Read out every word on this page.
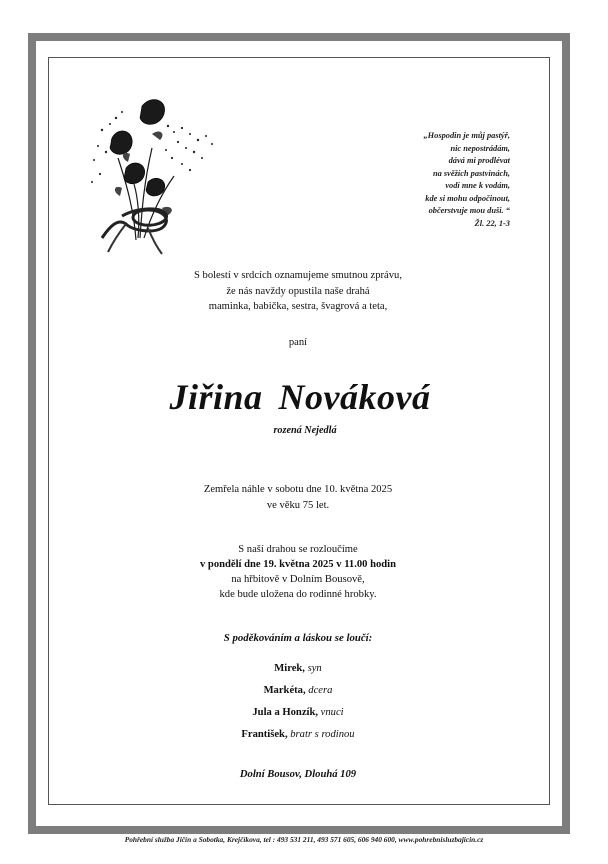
„Hospodin je můj pastýř,
nic nepostrádám,
dává mi prodlévat
na svěžích pastvinách,
vodí mne k vodám,
kde si mohu odpočinout,
občerstvuje mou duši. “
Žl. 22, 1-3
S bolestí v srdcích oznamujeme smutnou zprávu,
že nás navždy opustila naše drahá
maminka, babička, sestra, švagrová a teta,
paní
Jiřina Nováková
rozená Nejedlá
Zemřela náhle v sobotu dne 10. května 2025
ve věku 75 let.
S naší drahou se rozloučíme
v pondělí dne 19. května 2025 v 11.00 hodin
na hřbitově v Dolním Bousově,
kde bude uložena do rodinné hrobky.
S poděkováním a láskou se loučí:
Mirek, syn
Markéta, dcera
Jula a Honzík, vnuci
František, bratr s rodinou
Dolní Bousov, Dlouhá 109
Pohřební služba Jičín a Sobotka, Krejčíkova, tel : 493 531 211, 493 571 605, 606 940 600, www.pohrebnisluzbajicin.cz
